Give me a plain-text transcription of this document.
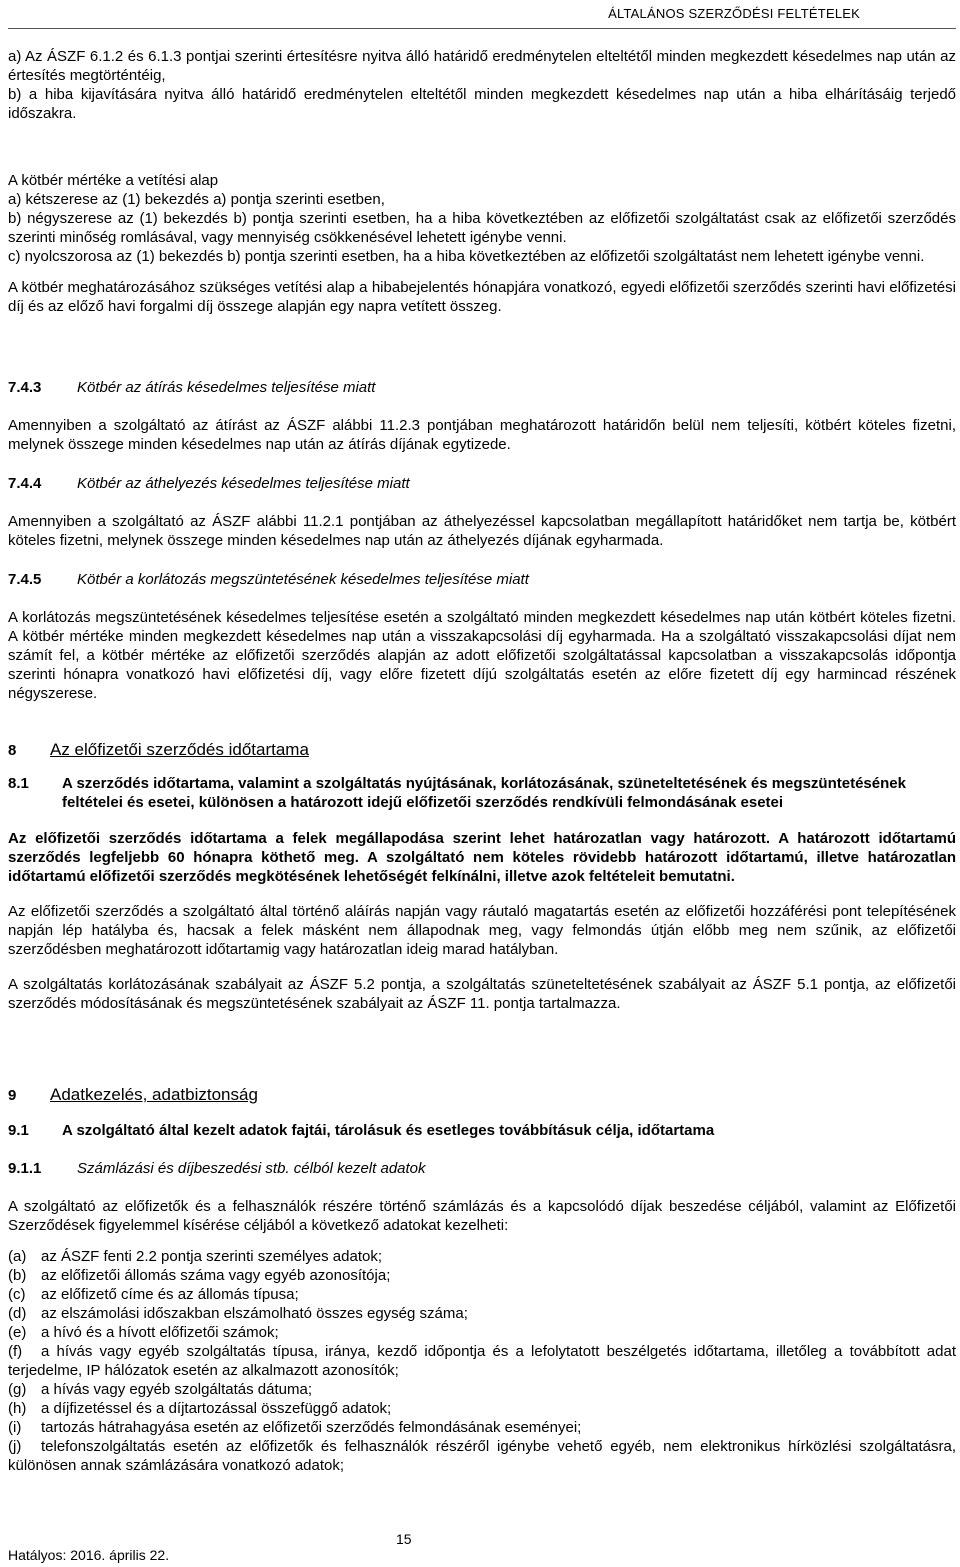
ÁLTALÁNOS SZERZŐDÉSI FELTÉTELEK

a) Az ÁSZF 6.1.2 és 6.1.3 pontjai szerinti értesítésre nyitva álló határidő eredménytelen elteltétől minden megkezdett késedelmes nap után az értesítés megtörténtéig,

b) a hiba kijavítására nyitva álló határidő eredménytelen elteltétől minden megkezdett késedelmes nap után a hiba elhárításáig terjedő időszakra.

A kötbér mértéke a vetítési alap

a) kétszerese az (1) bekezdés a) pontja szerinti esetben,

b) négyszerese az (1) bekezdés b) pontja szerinti esetben, ha a hiba következtében az előfizetői szolgáltatást csak az előfizetői szerződés szerinti minőség romlásával, vagy mennyiség csökkenésével lehetett igénybe venni.

c) nyolcszorosa az (1) bekezdés b) pontja szerinti esetben, ha a hiba következtében az előfizetői szolgáltatást nem lehetett igénybe venni.

A kötbér meghatározásához szükséges vetítési alap a hibabejelentés hónapjára vonatkozó, egyedi előfizetői szerződés szerinti havi előfizetési díj és az előző havi forgalmi díj összege alapján egy napra vetített összeg.

7.4.3	Kötbér az átírás késedelmes teljesítése miatt

Amennyiben a szolgáltató az átírást az ÁSZF alábbi 11.2.3 pontjában meghatározott határidőn belül nem teljesíti, kötbért köteles fizetni, melynek összege minden késedelmes nap után az átírás díjának egytizede.

7.4.4	Kötbér az áthelyezés késedelmes teljesítése miatt

Amennyiben a szolgáltató az ÁSZF alábbi 11.2.1 pontjában az áthelyezéssel kapcsolatban megállapított határidőket nem tartja be, kötbért köteles fizetni, melynek összege minden késedelmes nap után az áthelyezés díjának egyharmada.

7.4.5	Kötbér a korlátozás megszüntetésének késedelmes teljesítése miatt

A korlátozás megszüntetésének késedelmes teljesítése esetén a szolgáltató minden megkezdett késedelmes nap után kötbért köteles fizetni. A kötbér mértéke minden megkezdett késedelmes nap után a visszakapcsolási díj egyharmada. Ha a szolgáltató visszakapcsolási díjat nem számít fel, a kötbér mértéke az előfizetői szerződés alapján az adott előfizetői szolgáltatással kapcsolatban a visszakapcsolás időpontja szerinti hónapra vonatkozó havi előfizetési díj, vagy előre fizetett díjú szolgáltatás esetén az előre fizetett díj egy harmincad részének négyszerese.

8	Az előfizetői szerződés időtartama
8.1	A szerződés időtartama, valamint a szolgáltatás nyújtásának, korlátozásának, szüneteltetésének és megszüntetésének feltételei és esetei, különösen a határozott idejű előfizetői szerződés rendkívüli felmondásának esetei

Az előfizetői szerződés időtartama a felek megállapodása szerint lehet határozatlan vagy határozott. A határozott időtartamú szerződés legfeljebb 60 hónapra köthető meg. A szolgáltató nem köteles rövidebb határozott időtartamú, illetve határozatlan időtartamú előfizetői szerződés megkötésének lehetőségét felkínálni, illetve azok feltételeit bemutatni.

Az előfizetői szerződés a szolgáltató által történő aláírás napján vagy ráutaló magatartás esetén az előfizetői hozzáférési pont telepítésének napján lép hatályba és, hacsak a felek másként nem állapodnak meg, vagy felmondás útján előbb meg nem szűnik, az előfizetői szerződésben meghatározott időtartamig vagy határozatlan ideig marad hatályban.

A szolgáltatás korlátozásának szabályait az ÁSZF 5.2 pontja, a szolgáltatás szüneteltetésének szabályait az ÁSZF 5.1 pontja, az előfizetői szerződés módosításának és megszüntetésének szabályait az ÁSZF 11. pontja tartalmazza.

9	Adatkezelés, adatbiztonság
9.1	A szolgáltató által kezelt adatok fajtái, tárolásuk és esetleges továbbításuk célja, időtartama
9.1.1	Számlázási és díjbeszedési stb. célból kezelt adatok

A szolgáltató az előfizetők és a felhasználók részére történő számlázás és a kapcsolódó díjak beszedése céljából, valamint az Előfizetői Szerződések figyelemmel kísérése céljából a következő adatokat kezelheti:

(a) az ÁSZF fenti 2.2 pontja szerinti személyes adatok;
(b) az előfizetői állomás száma vagy egyéb azonosítója;
(c)	az előfizető címe és az állomás típusa;
(d) az elszámolási időszakban elszámolható összes egység száma;
(e) a hívó és a hívott előfizetői számok;

(f) a hívás vagy egyéb szolgáltatás típusa, iránya, kezdő időpontja és a lefolytatott beszélgetés időtartama, illetőleg a továbbított adat terjedelme, IP hálózatok esetén az alkalmazott azonosítók;

(g) a hívás vagy egyéb szolgáltatás dátuma;
(h) a díjfizetéssel és a díjtartozással összefüggő adatok;
(i)	tartozás hátrahagyása esetén az előfizetői szerződés felmondásának eseményei;

(j) telefonszolgáltatás esetén az előfizetők és felhasználók részéről igénybe vehető egyéb, nem elektronikus hírközlési szolgáltatásra, különösen annak számlázására vonatkozó adatok;

15
Hatályos: 2016. április 22.
